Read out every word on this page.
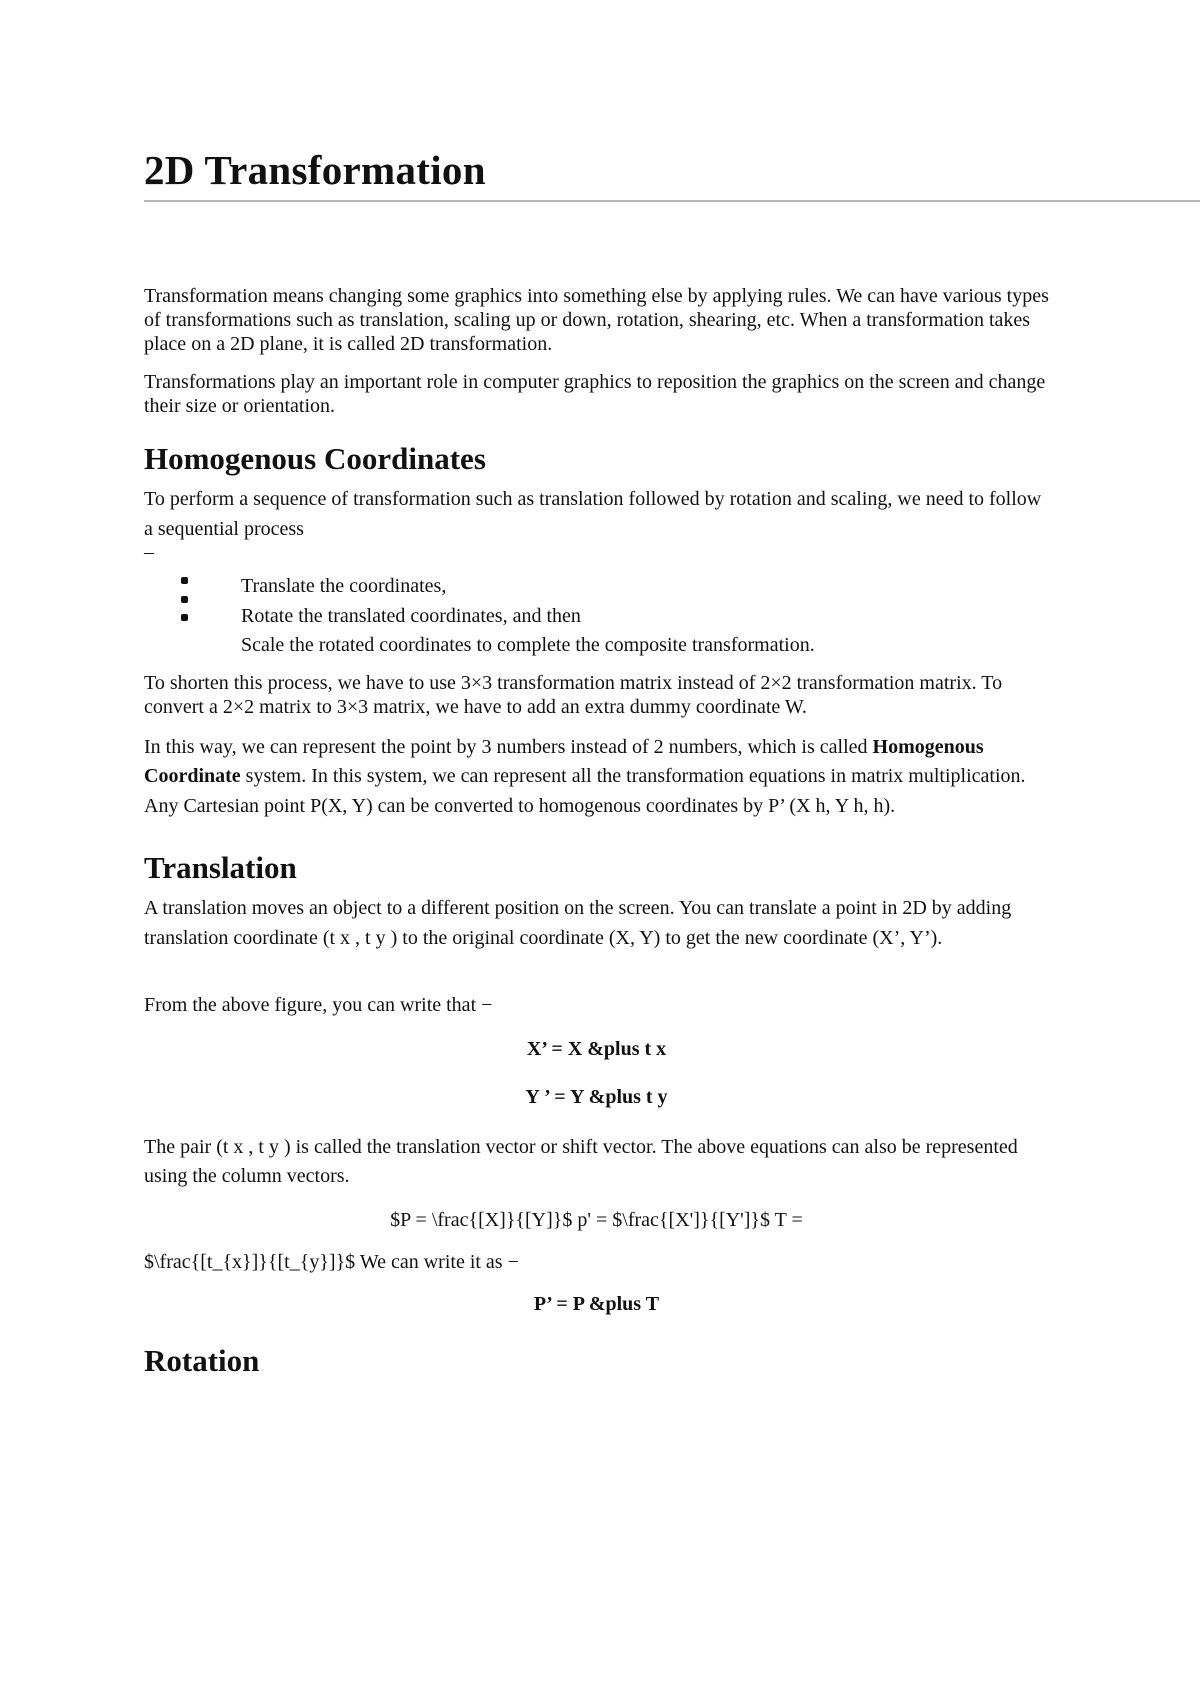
2D Transformation

Transformation means changing some graphics into something else by applying rules. We can have various types of transformations such as translation, scaling up or down, rotation, shearing, etc. When a transformation takes place on a 2D plane, it is called 2D transformation.

Transformations play an important role in computer graphics to reposition the graphics on the screen and change their size or orientation.

Homogenous Coordinates

To perform a sequence of transformation such as translation followed by rotation and scaling, we need to follow a sequential process

–

Translate the coordinates,
Rotate the translated coordinates, and then
Scale the rotated coordinates to complete the composite transformation.

To shorten this process, we have to use 3×3 transformation matrix instead of 2×2 transformation matrix. To convert a 2×2 matrix to 3×3 matrix, we have to add an extra dummy coordinate W.

In this way, we can represent the point by 3 numbers instead of 2 numbers, which is called Homogenous Coordinate system. In this system, we can represent all the transformation equations in matrix multiplication. Any Cartesian point P(X, Y) can be converted to homogenous coordinates by P’ (X h, Y h, h).

Translation

A translation moves an object to a different position on the screen. You can translate a point in 2D by adding translation coordinate (t x , t y ) to the original coordinate (X, Y) to get the new coordinate (X’, Y’).

From the above figure, you can write that −

X’ = X &plus t x

Y ’ = Y &plus t y

The pair (t x , t y ) is called the translation vector or shift vector. The above equations can also be represented using the column vectors.

$P = \frac{[X]}{[Y]}$ p' = $\frac{[X']}{[Y']}$ T =

$\frac{[t_{x}]}{[t_{y}]}$ We can write it as −

P’ = P &plus T

Rotation
